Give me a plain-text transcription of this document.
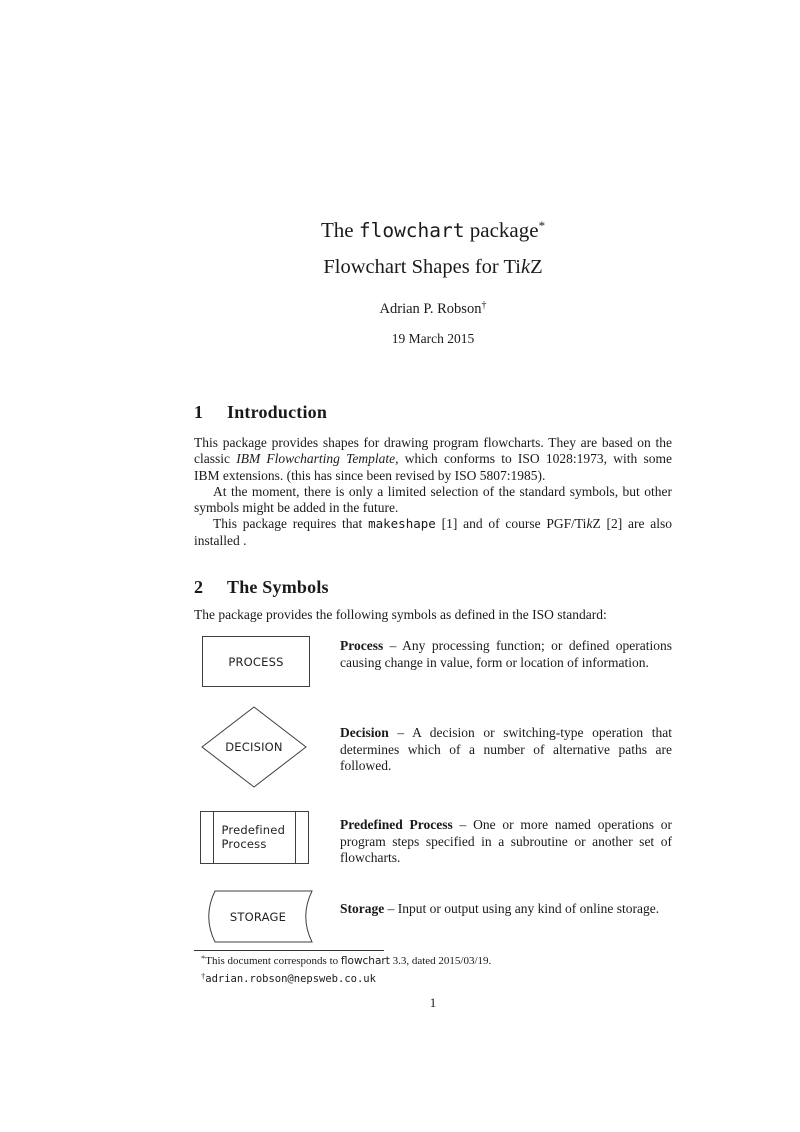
The flowchart package*
Flowchart Shapes for TikZ
Adrian P. Robson†
19 March 2015
1 Introduction

This package provides shapes for drawing program flowcharts. They are based on the classic IBM Flowcharting Template, which conforms to ISO 1028:1973, with some IBM extensions. (this has since been revised by ISO 5807:1985).

At the moment, there is only a limited selection of the standard symbols, but other symbols might be added in the future.

This package requires that makeshape [1] and of course PGF/TikZ [2] are also installed .

2 The Symbols

The package provides the following symbols as defined in the ISO standard:

PROCESS

Process – Any processing function; or defined operations causing change in value, form or location of information.

DECISION

Decision – A decision or switching-type operation that determines which of a number of alternative paths are followed.

Predefined Process

Predefined Process – One or more named operations or program steps specified in a subroutine or another set of flowcharts.

STORAGE

Storage – Input or output using any kind of online storage.

*This document corresponds to flowchart 3.3, dated 2015/03/19.
†adrian.robson@nepsweb.co.uk
1
